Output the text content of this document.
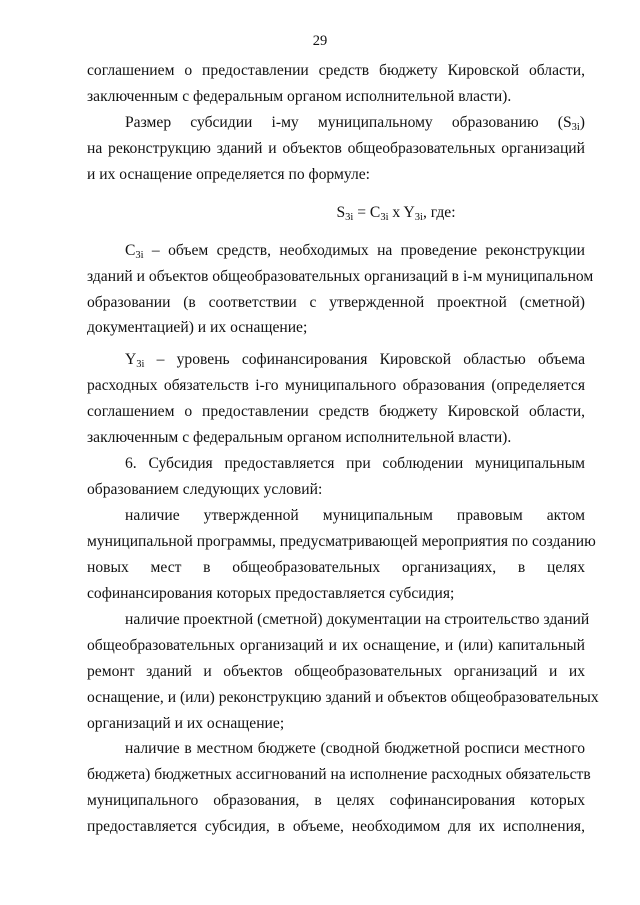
29
соглашением о предоставлении средств бюджету Кировской области,
заключенным с федеральным органом исполнительной власти).
Размер субсидии i-му муниципальному образованию $(S_{3i})$
на реконструкцию зданий и объектов общеобразовательных организаций
и их оснащение определяется по формуле:
$S_{3i} = C_{3i}$ x $Y_{3i}$, где:
$C_{3i}$ – объем средств, необходимых на проведение реконструкции
зданий и объектов общеобразовательных организаций в i-м муниципальном
образовании (в соответствии с утвержденной проектной (сметной)
документацией) и их оснащение;
$Y_{3i}$ – уровень софинансирования Кировской областью объема
расходных обязательств i-го муниципального образования (определяется
соглашением о предоставлении средств бюджету Кировской области,
заключенным с федеральным органом исполнительной власти).
6. Субсидия предоставляется при соблюдении муниципальным
образованием следующих условий:
наличие утвержденной муниципальным правовым актом
муниципальной программы, предусматривающей мероприятия по созданию
новых мест в общеобразовательных организациях, в целях
софинансирования которых предоставляется субсидия;
наличие проектной (сметной) документации на строительство зданий
общеобразовательных организаций и их оснащение, и (или) капитальный
ремонт зданий и объектов общеобразовательных организаций и их
оснащение, и (или) реконструкцию зданий и объектов общеобразовательных
организаций и их оснащение;
наличие в местном бюджете (сводной бюджетной росписи местного
бюджета) бюджетных ассигнований на исполнение расходных обязательств
муниципального образования, в целях софинансирования которых
предоставляется субсидия, в объеме, необходимом для их исполнения,
